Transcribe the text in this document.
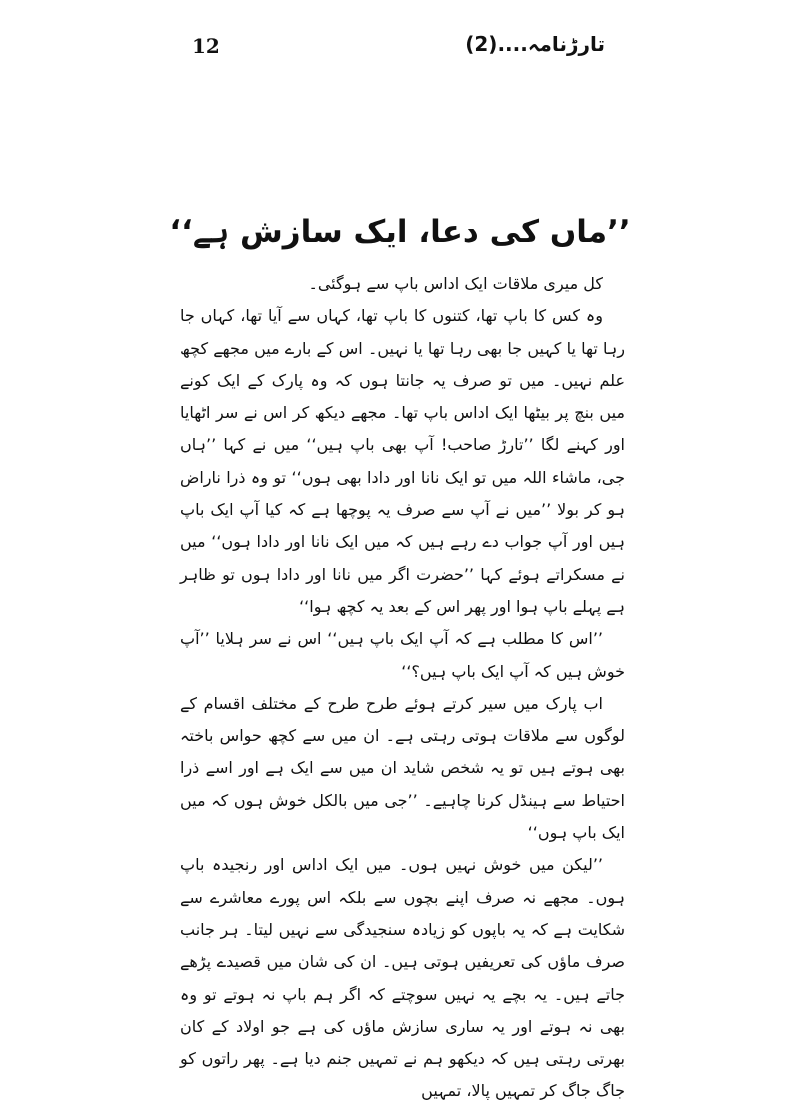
12	تارڑنامہ....(2)
’’ماں کی دعا، ایک سازش ہے‘‘

کل میری ملاقات ایک اداس باپ سے ہوگئی۔

وہ کس کا باپ تھا، کتنوں کا باپ تھا، کہاں سے آیا تھا، کہاں جا رہا تھا یا کہیں جا بھی رہا تھا یا نہیں۔ اس کے بارے میں مجھے کچھ علم نہیں۔ میں تو صرف یہ جانتا ہوں کہ وہ پارک کے ایک کونے میں بنچ پر بیٹھا ایک اداس باپ تھا۔ مجھے دیکھ کر اس نے سر اٹھایا اور کہنے لگا ’’تارڑ صاحب! آپ بھی باپ ہیں‘‘ میں نے کہا ’’ہاں جی، ماشاء اللہ میں تو ایک نانا اور دادا بھی ہوں‘‘ تو وہ ذرا ناراض ہو کر بولا ’’میں نے آپ سے صرف یہ پوچھا ہے کہ کیا آپ ایک باپ ہیں اور آپ جواب دے رہے ہیں کہ میں ایک نانا اور دادا ہوں‘‘ میں نے مسکراتے ہوئے کہا ’’حضرت اگر میں نانا اور دادا ہوں تو ظاہر ہے پہلے باپ ہوا اور پھر اس کے بعد یہ کچھ ہوا‘‘

’’اس کا مطلب ہے کہ آپ ایک باپ ہیں‘‘ اس نے سر ہلایا ’’آپ خوش ہیں کہ آپ ایک باپ ہیں؟‘‘

اب پارک میں سیر کرتے ہوئے طرح طرح کے مختلف اقسام کے لوگوں سے ملاقات ہوتی رہتی ہے۔ ان میں سے کچھ حواس باختہ بھی ہوتے ہیں تو یہ شخص شاید ان میں سے ایک ہے اور اسے ذرا احتیاط سے ہینڈل کرنا چاہیے۔ ’’جی میں بالکل خوش ہوں کہ میں ایک باپ ہوں‘‘

’’لیکن میں خوش نہیں ہوں۔ میں ایک اداس اور رنجیدہ باپ ہوں۔ مجھے نہ صرف اپنے بچوں سے بلکہ اس پورے معاشرے سے شکایت ہے کہ یہ باپوں کو زیادہ سنجیدگی سے نہیں لیتا۔ ہر جانب صرف ماؤں کی تعریفیں ہوتی ہیں۔ ان کی شان میں قصیدے پڑھے جاتے ہیں۔ یہ بچے یہ نہیں سوچتے کہ اگر ہم باپ نہ ہوتے تو وہ بھی نہ ہوتے اور یہ ساری سازش ماؤں کی ہے جو اولاد کے کان بھرتی رہتی ہیں کہ دیکھو ہم نے تمہیں جنم دیا ہے۔ پھر راتوں کو جاگ جاگ کر تمہیں پالا، تمہیں
